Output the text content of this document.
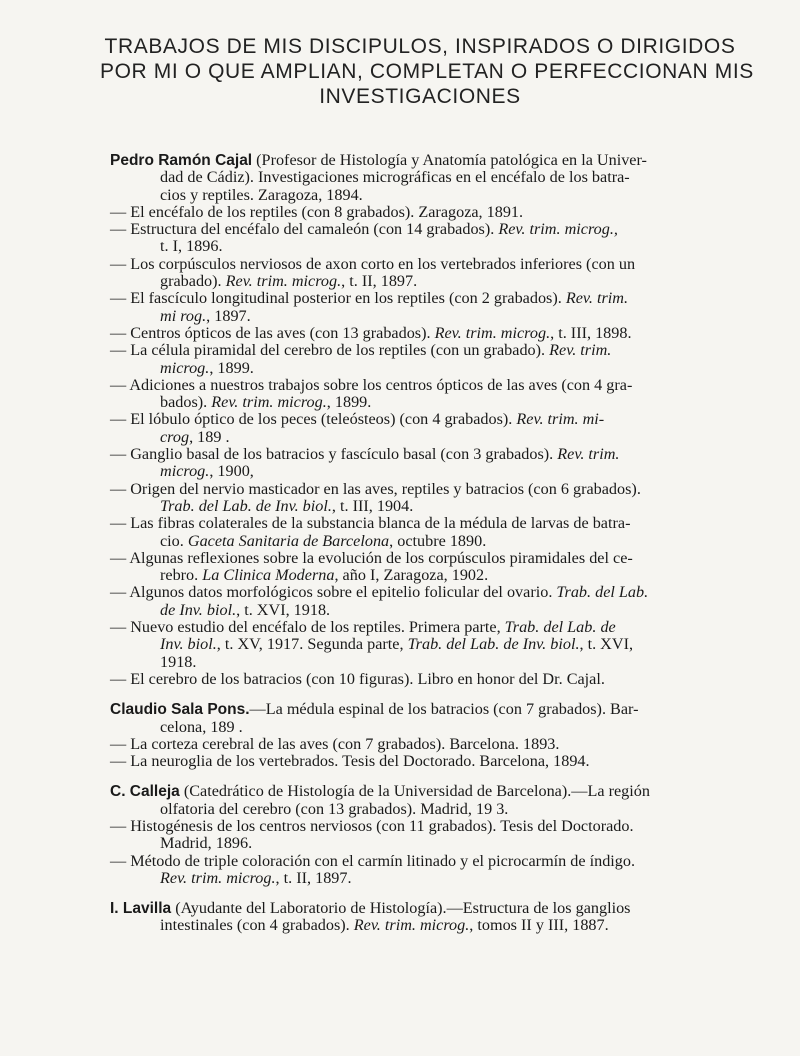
TRABAJOS DE MIS DISCIPULOS, INSPIRADOS O DIRIGIDOS
POR MI O QUE AMPLIAN, COMPLETAN O PERFECCIONAN MIS
INVESTIGACIONES
Pedro Ramón Cajal (Profesor de Histología y Anatomía patológica en la Univer-
dad de Cádiz). Investigaciones micrográficas en el encéfalo de los batra-
cios y reptiles. Zaragoza, 1894.
— El encéfalo de los reptiles (con 8 grabados). Zaragoza, 1891.
— Estructura del encéfalo del camaleón (con 14 grabados). Rev. trim. microg.,
t. I, 1896.
— Los corpúsculos nerviosos de axon corto en los vertebrados inferiores (con un
grabado). Rev. trim. microg., t. II, 1897.
— El fascículo longitudinal posterior en los reptiles (con 2 grabados). Rev. trim.
mi rog., 1897.
— Centros ópticos de las aves (con 13 grabados). Rev. trim. microg., t. III, 1898.
— La célula piramidal del cerebro de los reptiles (con un grabado). Rev. trim.
microg., 1899.
— Adiciones a nuestros trabajos sobre los centros ópticos de las aves (con 4 gra-
bados). Rev. trim. microg., 1899.
— El lóbulo óptico de los peces (teleósteos) (con 4 grabados). Rev. trim. mi-
crog, 189 .
— Ganglio basal de los batracios y fascículo basal (con 3 grabados). Rev. trim.
microg., 1900,
— Origen del nervio masticador en las aves, reptiles y batracios (con 6 grabados).
Trab. del Lab. de Inv. biol., t. III, 1904.
— Las fibras colaterales de la substancia blanca de la médula de larvas de batra-
cio. Gaceta Sanitaria de Barcelona, octubre 1890.
— Algunas reflexiones sobre la evolución de los corpúsculos piramidales del ce-
rebro. La Clinica Moderna, año I, Zaragoza, 1902.
— Algunos datos morfológicos sobre el epitelio folicular del ovario. Trab. del Lab.
de Inv. biol., t. XVI, 1918.
— Nuevo estudio del encéfalo de los reptiles. Primera parte, Trab. del Lab. de
Inv. biol., t. XV, 1917. Segunda parte, Trab. del Lab. de Inv. biol., t. XVI,
1918.
— El cerebro de los batracios (con 10 figuras). Libro en honor del Dr. Cajal.
Claudio Sala Pons.—La médula espinal de los batracios (con 7 grabados). Bar-
celona, 189 .
— La corteza cerebral de las aves (con 7 grabados). Barcelona. 1893.
— La neuroglia de los vertebrados. Tesis del Doctorado. Barcelona, 1894.
C. Calleja (Catedrático de Histología de la Universidad de Barcelona).—La región
olfatoria del cerebro (con 13 grabados). Madrid, 19 3.
— Histogénesis de los centros nerviosos (con 11 grabados). Tesis del Doctorado.
Madrid, 1896.
— Método de triple coloración con el carmín litinado y el picrocarmín de índigo.
Rev. trim. microg., t. II, 1897.
I. Lavilla (Ayudante del Laboratorio de Histología).—Estructura de los ganglios
intestinales (con 4 grabados). Rev. trim. microg., tomos II y III, 1887.
